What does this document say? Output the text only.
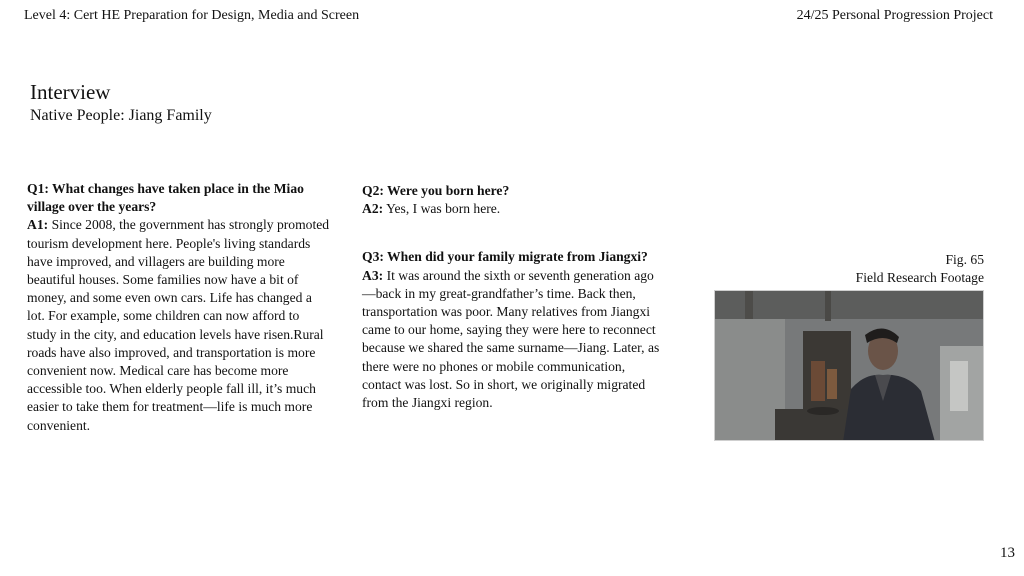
Level 4: Cert HE Preparation for Design, Media and Screen	24/25 Personal Progression Project
Interview
Native People: Jiang Family
Q1: What changes have taken place in the Miao village over the years?
A1: Since 2008, the government has strongly promoted tourism development here. People's living standards have improved, and villagers are building more beautiful houses. Some families now have a bit of money, and some even own cars. Life has changed a lot. For example, some children can now afford to study in the city, and education levels have risen.Rural roads have also improved, and transportation is more convenient now. Medical care has become more accessible too. When elderly people fall ill, it’s much easier to take them for treatment—life is much more convenient.
Q2: Were you born here?
A2: Yes, I was born here.
Q3: When did your family migrate from Jiangxi?
A3: It was around the sixth or seventh generation ago—back in my great-grandfather’s time. Back then, transportation was poor. Many relatives from Jiangxi came to our home, saying they were here to reconnect because we shared the same surname—Jiang. Later, as there were no phones or mobile communication, contact was lost. So in short, we originally migrated from the Jiangxi region.
Fig. 65
Field Research Footage
13
